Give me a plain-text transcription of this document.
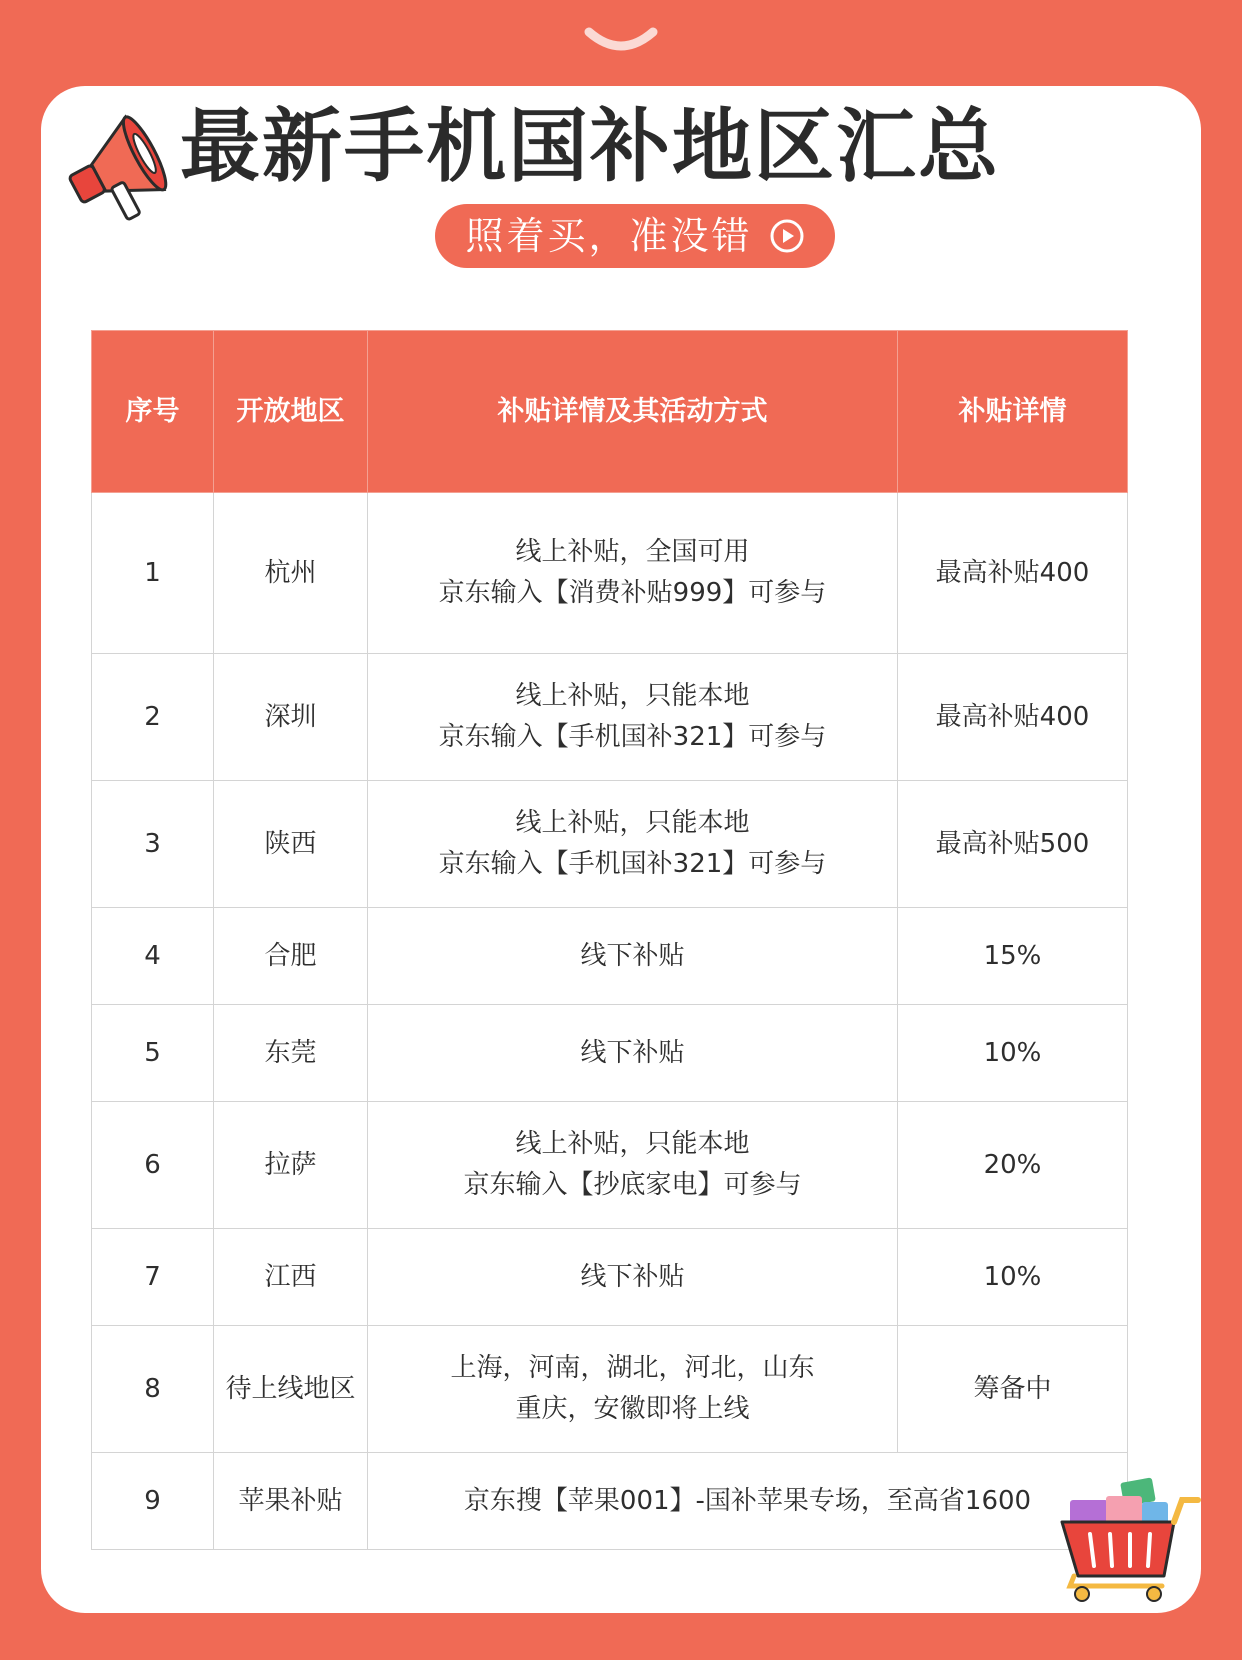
最新手机国补地区汇总
照着买，准没错
序号	开放地区	补贴详情及其活动方式	补贴详情
1	杭州	线上补贴，全国可用
京东输入【消费补贴999】可参与	最高补贴400
2	深圳	线上补贴，只能本地
京东输入【手机国补321】可参与	最高补贴400
3	陕西	线上补贴，只能本地
京东输入【手机国补321】可参与	最高补贴500
4	合肥	线下补贴	15%
5	东莞	线下补贴	10%
6	拉萨	线上补贴，只能本地
京东输入【抄底家电】可参与	20%
7	江西	线下补贴	10%
8	待上线地区	上海，河南，湖北，河北，山东
重庆，安徽即将上线	筹备中
9	苹果补贴	京东搜【苹果001】-国补苹果专场，至高省1600	
